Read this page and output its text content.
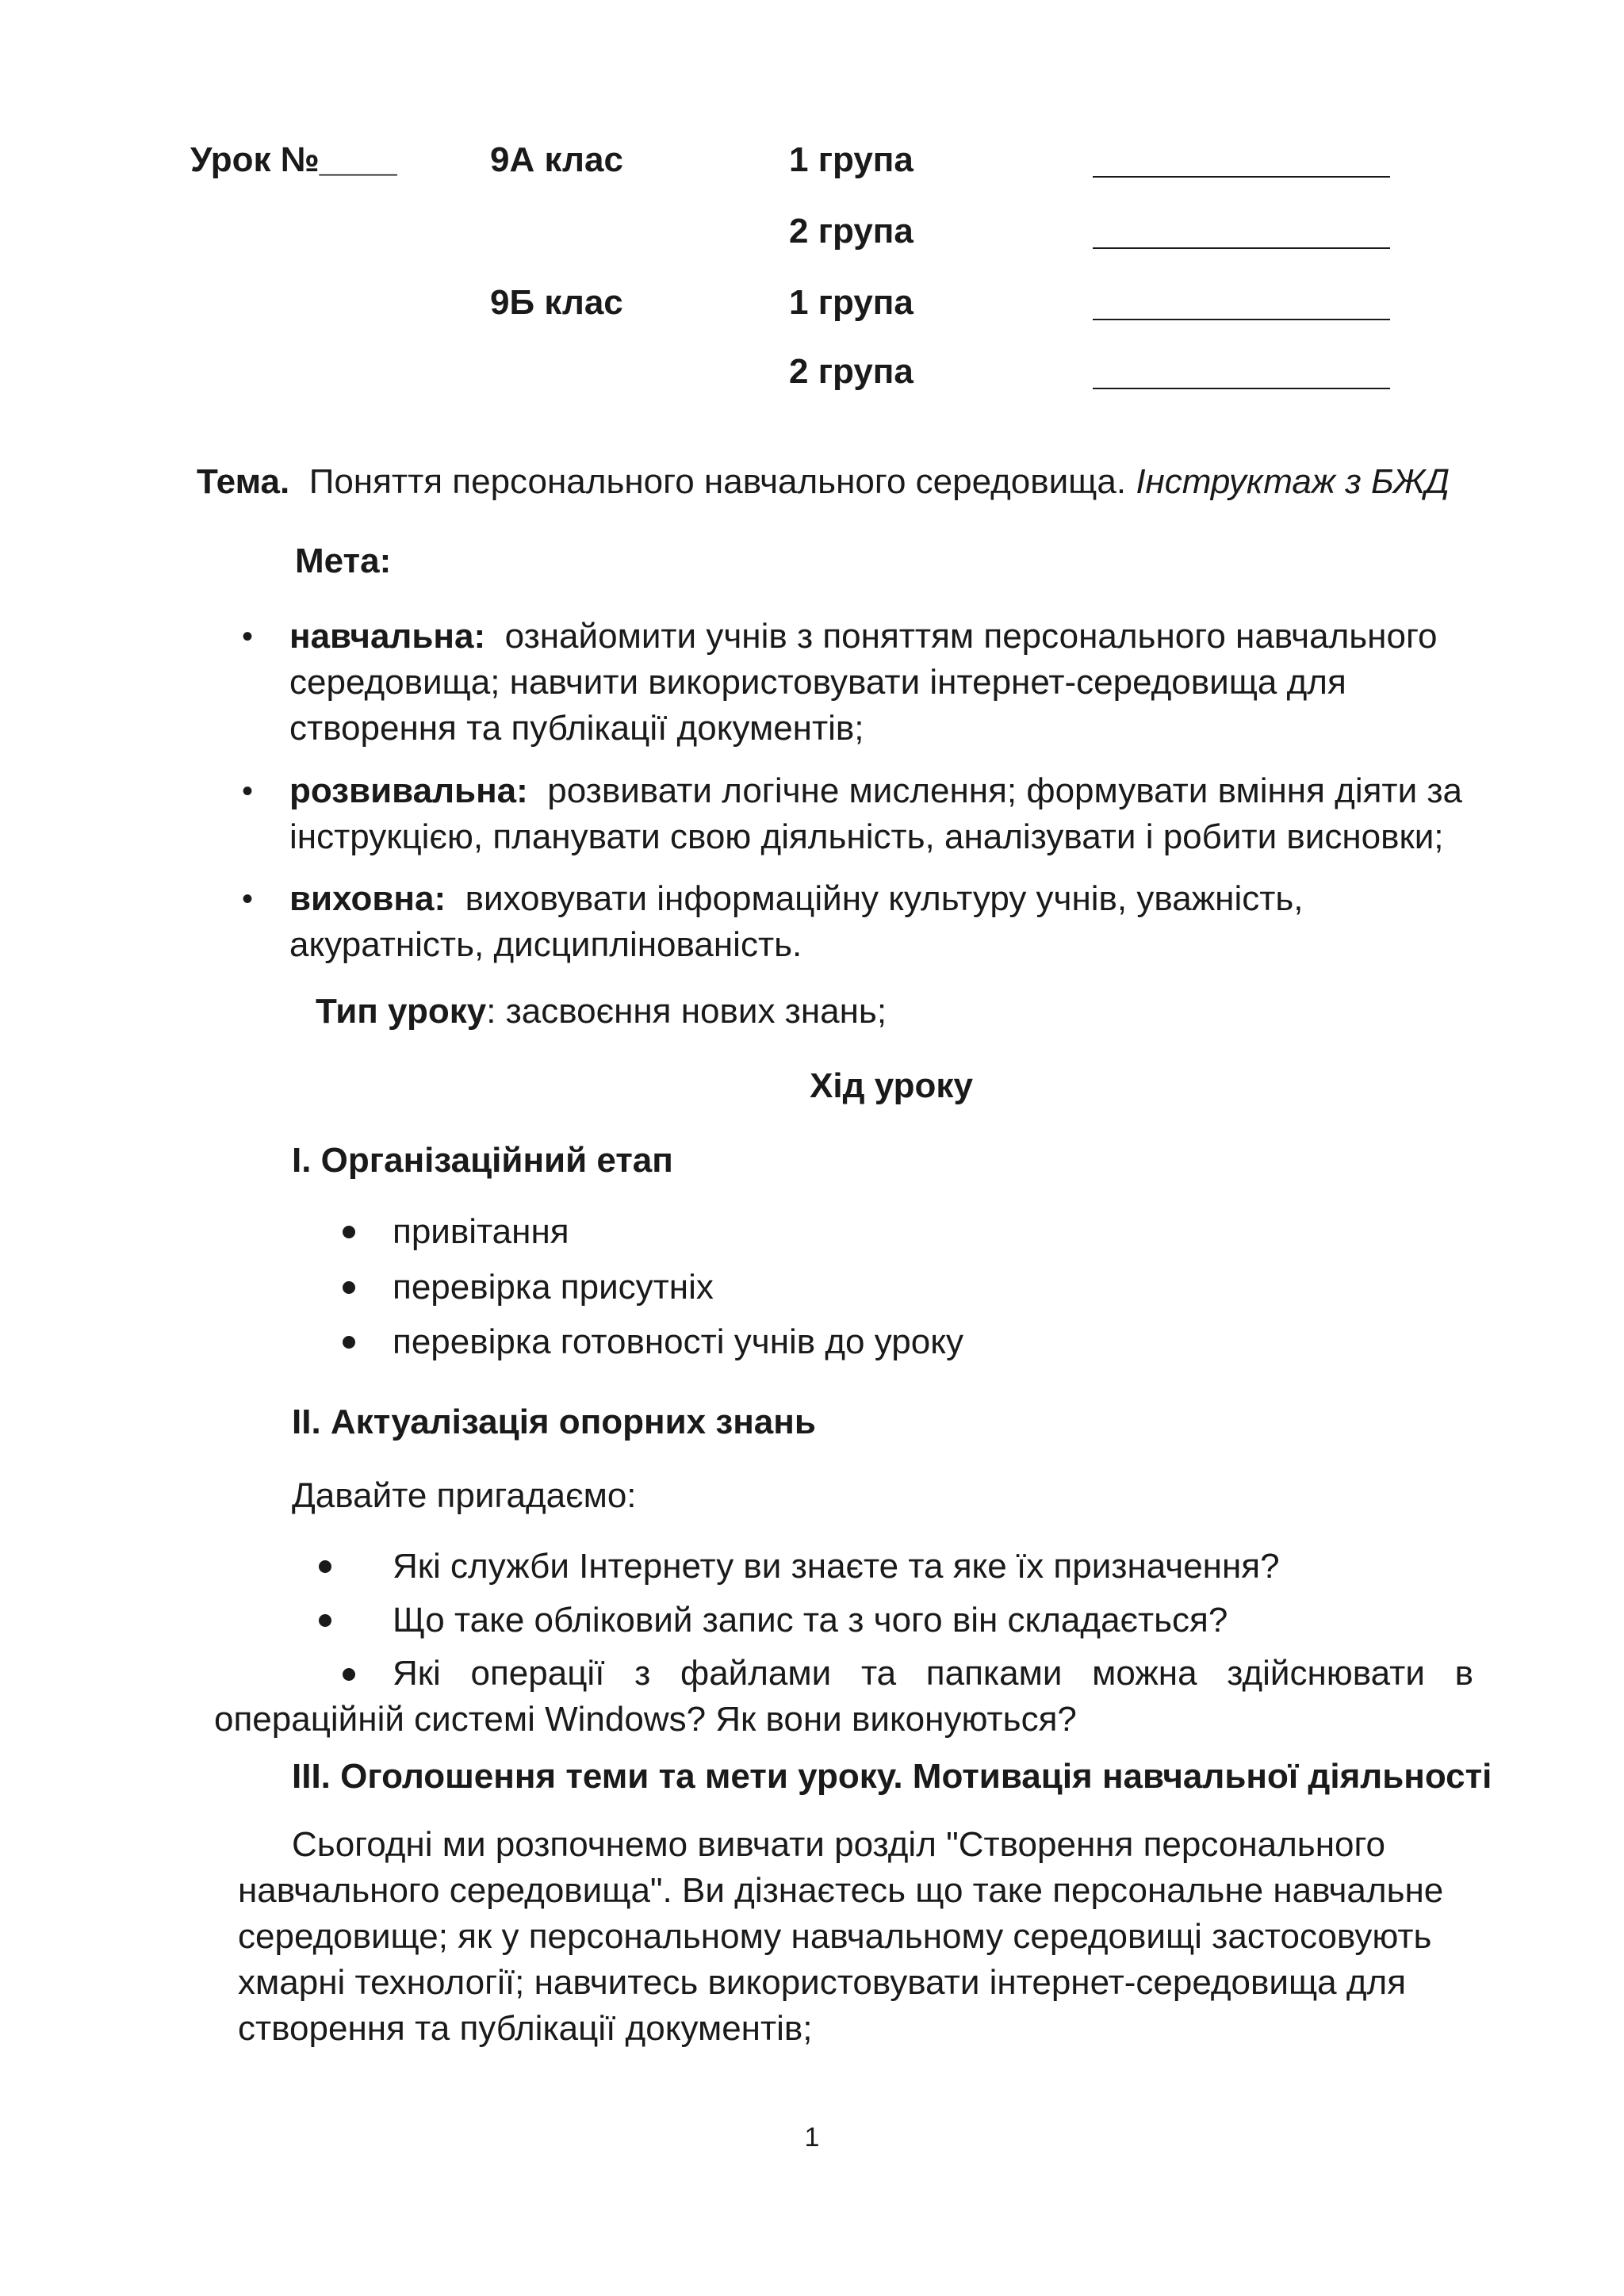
Урок №____	9А клас	1 група
2 група
9Б клас	1 група
2 група
Тема. Поняття персонального навчального середовища. Інструктаж з БЖД
Мета:
• навчальна: ознайомити учнів з поняттям персонального навчального середовища; навчити використовувати інтернет-середовища для створення та публікації документів;
• розвивальна: розвивати логічне мислення; формувати вміння діяти за інструкцією, планувати свою діяльність, аналізувати і робити висновки;
• виховна: виховувати інформаційну культуру учнів, уважність, акуратність, дисциплінованість.
Тип уроку: засвоєння нових знань;
Хід уроку
I. Організаційний етап
привітання
перевірка присутніх
перевірка готовності учнів до уроку
II. Актуалізація опорних знань
Давайте пригадаємо:
Які служби Інтернету ви знаєте та яке їх призначення?
Що таке обліковий запис та з чого він складається?
Які операції з файлами та папками можна здійснювати в операційній системі Windows? Як вони виконуються?
III. Оголошення теми та мети уроку. Мотивація навчальної діяльності
Сьогодні ми розпочнемо вивчати розділ "Створення персонального навчального середовища". Ви дізнаєтесь що таке персональне навчальне середовище; як у персональному навчальному середовищі застосовують хмарні технології; навчитесь використовувати інтернет-середовища для створення та публікації документів;
1
